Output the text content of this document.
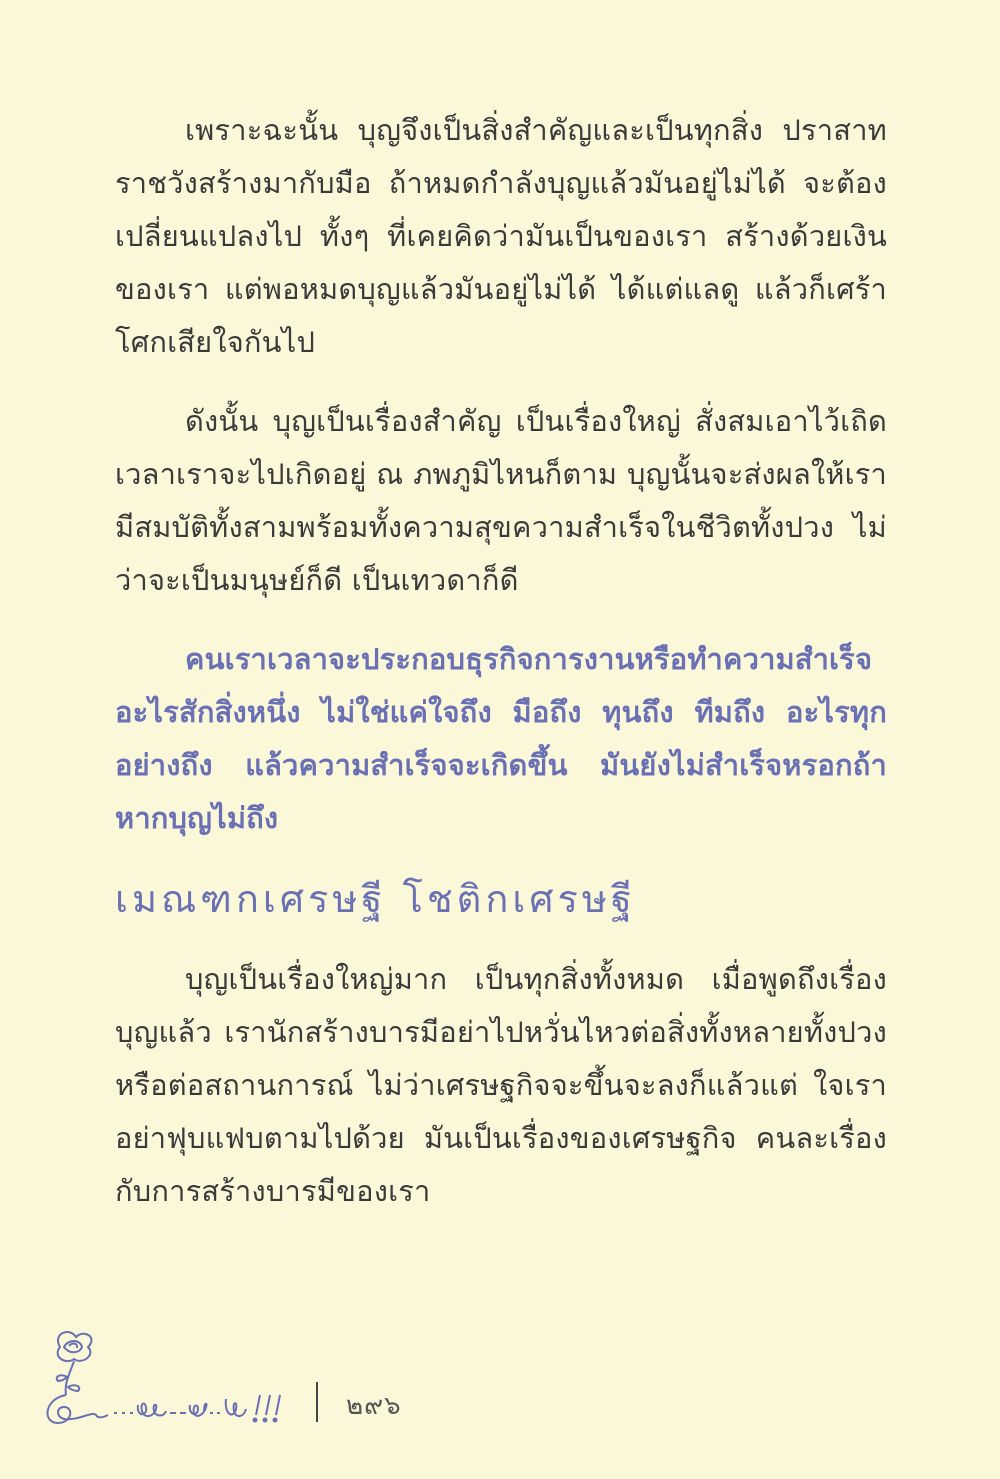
เพราะฉะนั้น บุญจึงเป็นสิ่งสำคัญและเป็นทุกสิ่ง ปราสาทราชวังสร้างมากับมือ ถ้าหมดกำลังบุญแล้วมันอยู่ไม่ได้ จะต้องเปลี่ยนแปลงไป ทั้งๆ ที่เคยคิดว่ามันเป็นของเรา สร้างด้วยเงินของเรา แต่พอหมดบุญแล้วมันอยู่ไม่ได้ ได้แต่แลดู แล้วก็เศร้าโศกเสียใจกันไป

ดังนั้น บุญเป็นเรื่องสำคัญ เป็นเรื่องใหญ่ สั่งสมเอาไว้เถิด เวลาเราจะไปเกิดอยู่ ณ ภพภูมิไหนก็ตาม บุญนั้นจะส่งผลให้เรามีสมบัติทั้งสามพร้อมทั้งความสุขความสำเร็จในชีวิตทั้งปวง ไม่ว่าจะเป็นมนุษย์ก็ดี เป็นเทวดาก็ดี

คนเราเวลาจะประกอบธุรกิจการงานหรือทำความสำเร็จอะไรสักสิ่งหนึ่ง ไม่ใช่แค่ใจถึง มือถึง ทุนถึง ทีมถึง อะไรทุกอย่างถึง แล้วความสำเร็จจะเกิดขึ้น มันยังไม่สำเร็จหรอกถ้าหากบุญไม่ถึง

เมณฑกเศรษฐี โชติกเศรษฐี

บุญเป็นเรื่องใหญ่มาก เป็นทุกสิ่งทั้งหมด เมื่อพูดถึงเรื่องบุญแล้ว เรานักสร้างบารมีอย่าไปหวั่นไหวต่อสิ่งทั้งหลายทั้งปวงหรือต่อสถานการณ์ ไม่ว่าเศรษฐกิจจะขึ้นจะลงก็แล้วแต่ ใจเราอย่าฟุบแฟบตามไปด้วย มันเป็นเรื่องของเศรษฐกิจ คนละเรื่องกับการสร้างบารมีของเรา

๒๙๖
